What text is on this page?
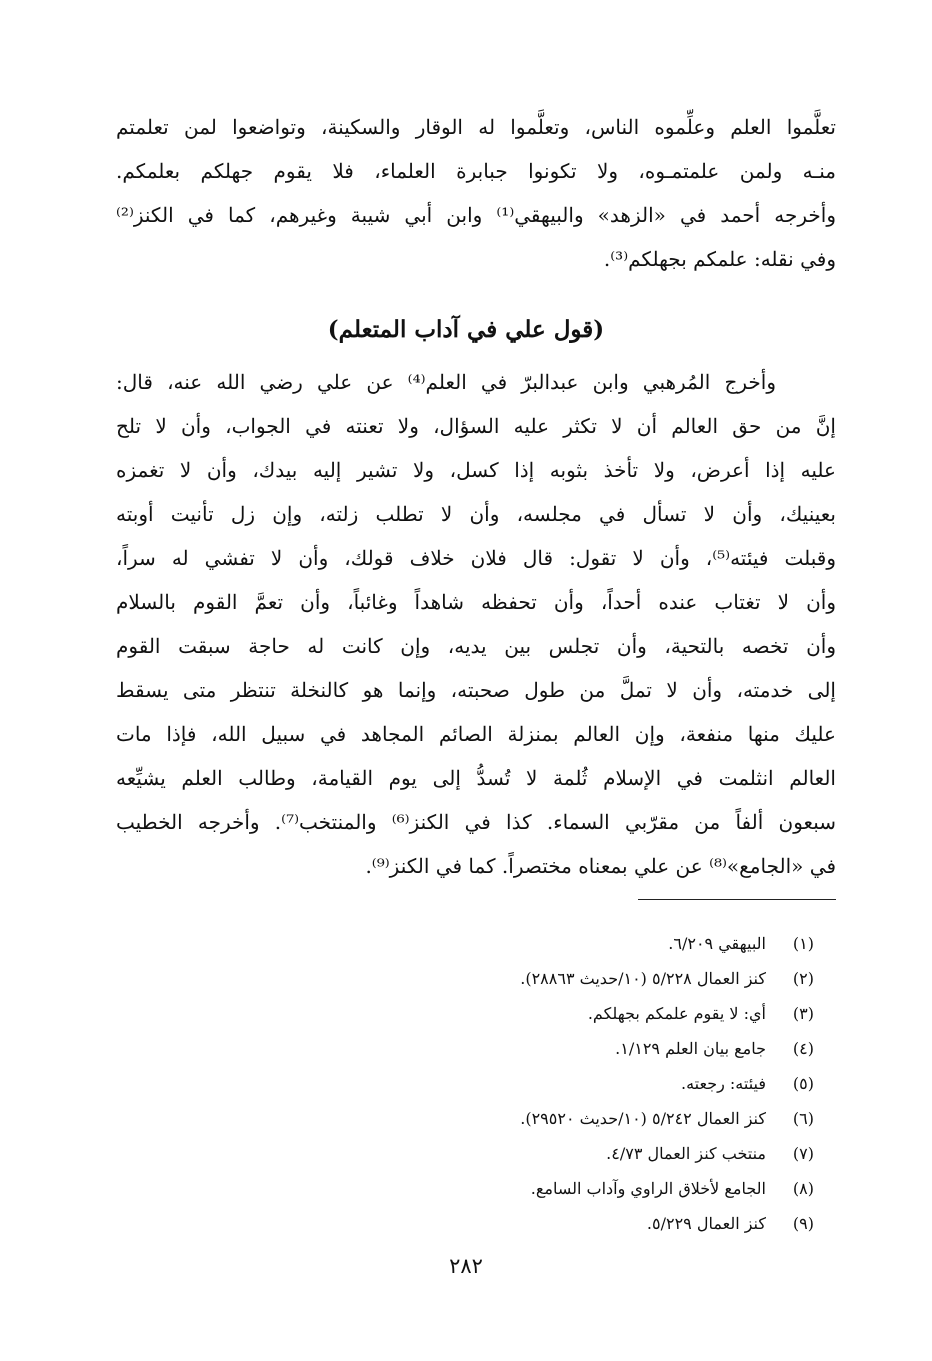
تعلَّموا العلم وعلِّموه الناس، وتعلَّموا له الوقار والسكينة، وتواضعوا لمن تعلمتم
منـه ولمن علمتمـوه، ولا تكونوا جبابرة العلماء، فلا يقوم جهلكم بعلمكم.
وأخرجه أحمد في «الزهد» والبيهقي⁽¹⁾ وابن أبي شيبة وغيرهم، كما في الكنز⁽²⁾
وفي نقله: علمكم بجهلكم⁽³⁾.
(قول علي في آداب المتعلم)
وأخرج المُرهبي وابن عبدالبرّ في العلم⁽⁴⁾ عن علي رضي الله عنه، قال:
إنَّ من حق العالم أن لا تكثر عليه السؤال، ولا تعنته في الجواب، وأن لا تلح
عليه إذا أعرض، ولا تأخذ بثوبه إذا كسل، ولا تشير إليه بيدك، وأن لا تغمزه
بعينيك، وأن لا تسأل في مجلسه، وأن لا تطلب زلته، وإن زل تأنيت أوبته
وقبلت فيئته⁽⁵⁾، وأن لا تقول: قال فلان خلاف قولك، وأن لا تفشي له سراً،
وأن لا تغتاب عنده أحداً، وأن تحفظه شاهداً وغائباً، وأن تعمَّ القوم بالسلام
وأن تخصه بالتحية، وأن تجلس بين يديه، وإن كانت له حاجة سبقت القوم
إلى خدمته، وأن لا تملَّ من طول صحبته، وإنما هو كالنخلة تنتظر متى يسقط
عليك منها منفعة، وإن العالم بمنزلة الصائم المجاهد في سبيل الله، فإذا مات
العالم انثلمت في الإسلام ثُلمة لا تُسدُّ إلى يوم القيامة، وطالب العلم يشيِّعه
سبعون ألفاً من مقرّبي السماء. كذا في الكنز⁽⁶⁾ والمنتخب⁽⁷⁾. وأخرجه الخطيب
في «الجامع»⁽⁸⁾ عن علي بمعناه مختصراً. كما في الكنز⁽⁹⁾.
(١)
البيهقي ٦/٢٠٩.
(٢)
كنز العمال ٥/٢٢٨ (١٠/حديث ٢٨٨٦٣).
(٣)
أي: لا يقوم علمكم بجهلكم.
(٤)
جامع بيان العلم ١/١٢٩.
(٥)
فيئته: رجعته.
(٦)
كنز العمال ٥/٢٤٢ (١٠/حديث ٢٩٥٢٠).
(٧)
منتخب كنز العمال ٤/٧٣.
(٨)
الجامع لأخلاق الراوي وآداب السامع.
(٩)
كنز العمال ٥/٢٢٩.
٢٨٢
